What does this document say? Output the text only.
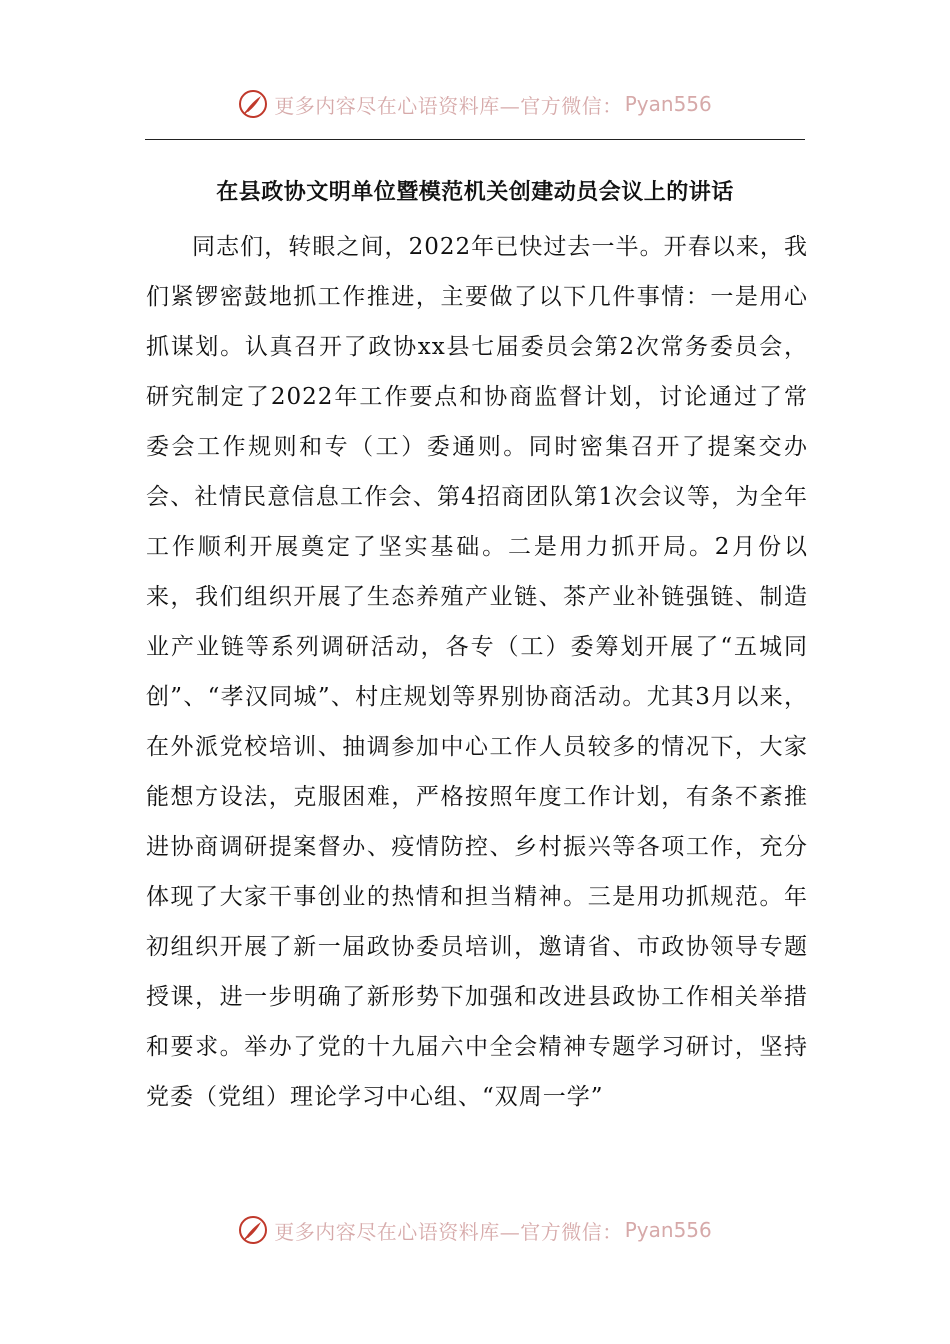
更多内容尽在心语资料库—官方微信： Pyan556
在县政协文明单位暨模范机关创建动员会议上的讲话

同志们，转眼之间，2022年已快过去一半。开春以来，我们紧锣密鼓地抓工作推进，主要做了以下几件事情：一是用心抓谋划。认真召开了政协xx县七届委员会第2次常务委员会，研究制定了2022年工作要点和协商监督计划，讨论通过了常委会工作规则和专（工）委通则。同时密集召开了提案交办会、社情民意信息工作会、第4招商团队第1次会议等，为全年工作顺利开展奠定了坚实基础。二是用力抓开局。2月份以来，我们组织开展了生态养殖产业链、茶产业补链强链、制造业产业链等系列调研活动，各专（工）委筹划开展了“五城同创”、“孝汉同城”、村庄规划等界别协商活动。尤其3月以来，在外派党校培训、抽调参加中心工作人员较多的情况下，大家能想方设法，克服困难，严格按照年度工作计划，有条不紊推进协商调研提案督办、疫情防控、乡村振兴等各项工作，充分体现了大家干事创业的热情和担当精神。三是用功抓规范。年初组织开展了新一届政协委员培训，邀请省、市政协领导专题授课，进一步明确了新形势下加强和改进县政协工作相关举措和要求。举办了党的十九届六中全会精神专题学习研讨，坚持党委（党组）理论学习中心组、“双周一学”

更多内容尽在心语资料库—官方微信： Pyan556
